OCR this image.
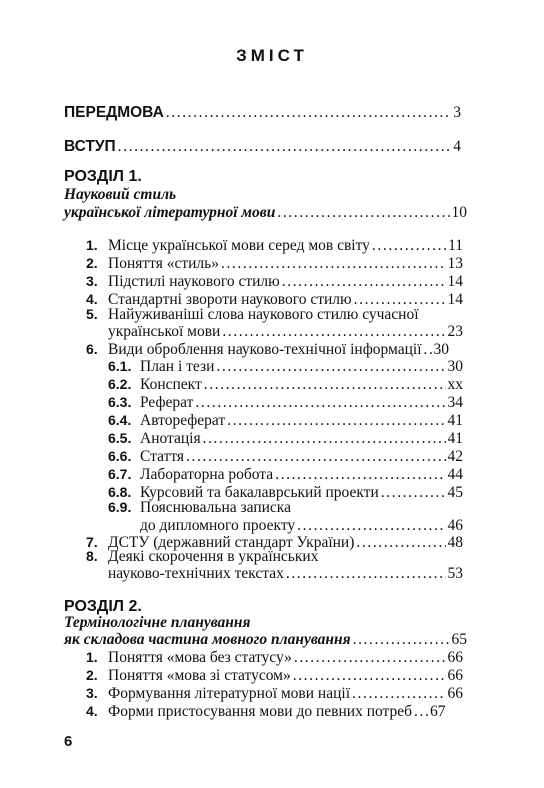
ЗМІСТ
ПЕРЕДМОВА .....	3
ВСТУП .....	4
РОЗДІЛ 1.
Науковий стиль
української літературної мови .....	10
1. Місце української мови серед мов світу .....	11
2. Поняття «стиль» .....	13
3. Підстилі наукового стилю .....	14
4. Стандартні звороти наукового стилю .....	14
5. Найуживаніші слова наукового стилю сучасної
української мови .....	23
6. Види оброблення науково-технічної інформації ..... 30
6.1. План і тези .....	30
6.2. Конспект .....	xx
6.3. Реферат .....	34
6.4. Автореферат .....	41
6.5. Анотація .....	41
6.6. Стаття .....	42
6.7. Лабораторна робота .....	44
6.8. Курсовий та бакалаврський проекти .....	45
6.9. Пояснювальна записка
до дипломного проекту .....	46
7. ДСТУ (державний стандарт України) .....	48
8. Деякі скорочення в українських
науково-технічних текстах .....	53
РОЗДІЛ 2.
Термінологічне планування
як складова частина мовного планування .....	65
1. Поняття «мова без статусу» .....	66
2. Поняття «мова зі статусом» .....	66
3. Формування літературної мови нації .....	66
4. Форми пристосування мови до певних потреб ..... 67
6
